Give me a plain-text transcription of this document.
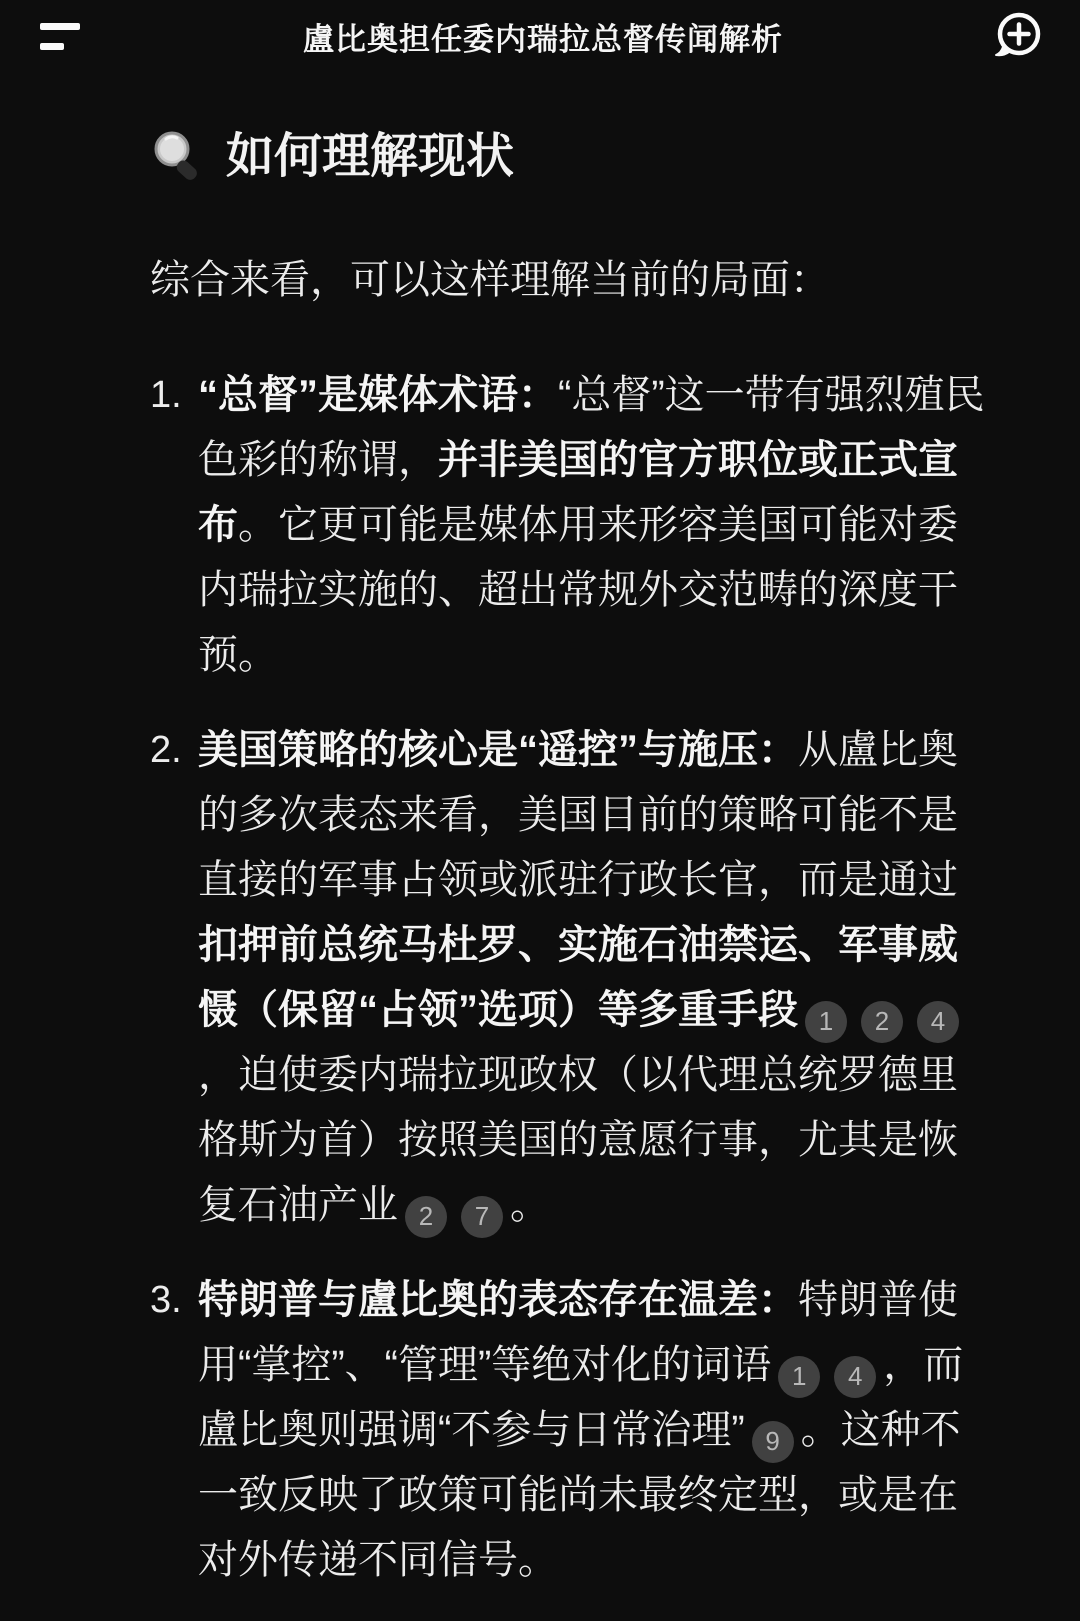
盧比奥担任委内瑞拉总督传闻解析
如何理解现状

综合来看，可以这样理解当前的局面：

1. “总督”是媒体术语：“总督”这一带有强烈殖民色彩的称谓，并非美国的官方职位或正式宣布。它更可能是媒体用来形容美国可能对委内瑞拉实施的、超出常规外交范畴的深度干预。
2. 美国策略的核心是“遥控”与施压：从盧比奥的多次表态来看，美国目前的策略可能不是直接的军事占领或派驻行政长官，而是通过扣押前总统马杜罗、实施石油禁运、军事威慑（保留“占领”选项）等多重手段 1 2 4，迫使委内瑞拉现政权（以代理总统罗德里格斯为首）按照美国的意愿行事，尤其是恢复石油产业 2 7 。
3. 特朗普与盧比奥的表态存在温差：特朗普使用“掌控”、“管理”等绝对化的词语 1 4 ，而盧比奥则强调“不参与日常治理” 9 。这种不一致反映了政策可能尚未最终定型，或是在对外传递不同信号。
